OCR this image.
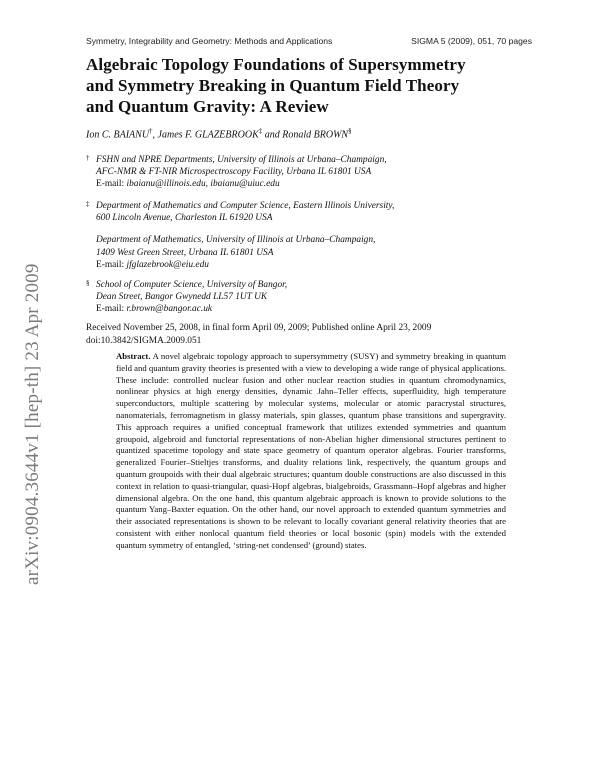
Symmetry, Integrability and Geometry: Methods and Applications	SIGMA 5 (2009), 051, 70 pages
Algebraic Topology Foundations of Supersymmetry
and Symmetry Breaking in Quantum Field Theory
and Quantum Gravity: A Review
Ion C. BAIANU†, James F. GLAZEBROOK‡ and Ronald BROWN§
† FSHN and NPRE Departments, University of Illinois at Urbana–Champaign,
AFC-NMR & FT-NIR Microspectroscopy Facility, Urbana IL 61801 USA
E-mail: ibaianu@illinois.edu, ibaianu@uiuc.edu
‡ Department of Mathematics and Computer Science, Eastern Illinois University,
600 Lincoln Avenue, Charleston IL 61920 USA
Department of Mathematics, University of Illinois at Urbana–Champaign,
1409 West Green Street, Urbana IL 61801 USA
E-mail: jfglazebrook@eiu.edu
§ School of Computer Science, University of Bangor,
Dean Street, Bangor Gwynedd LL57 1UT UK
E-mail: r.brown@bangor.ac.uk
Received November 25, 2008, in final form April 09, 2009; Published online April 23, 2009
doi:10.3842/SIGMA.2009.051
Abstract. A novel algebraic topology approach to supersymmetry (SUSY) and symmetry breaking in quantum field and quantum gravity theories is presented with a view to developing a wide range of physical applications. These include: controlled nuclear fusion and other nuclear reaction studies in quantum chromodynamics, nonlinear physics at high energy densities, dynamic Jahn–Teller effects, superfluidity, high temperature superconductors, multiple scattering by molecular systems, molecular or atomic paracrystal structures, nanomaterials, ferromagnetism in glassy materials, spin glasses, quantum phase transitions and supergravity. This approach requires a unified conceptual framework that utilizes extended symmetries and quantum groupoid, algebroid and functorial representations of non-Abelian higher dimensional structures pertinent to quantized spacetime topology and state space geometry of quantum operator algebras. Fourier transforms, generalized Fourier–Stieltjes transforms, and duality relations link, respectively, the quantum groups and quantum groupoids with their dual algebraic structures; quantum double constructions are also discussed in this context in relation to quasi-triangular, quasi-Hopf algebras, bialgebroids, Grassmann–Hopf algebras and higher dimensional algebra. On the one hand, this quantum algebraic approach is known to provide solutions to the quantum Yang–Baxter equation. On the other hand, our novel approach to extended quantum symmetries and their associated representations is shown to be relevant to locally covariant general relativity theories that are consistent with either nonlocal quantum field theories or local bosonic (spin) models with the extended quantum symmetry of entangled, ‘string-net condensed’ (ground) states.
arXiv:0904.3644v1 [hep-th] 23 Apr 2009
